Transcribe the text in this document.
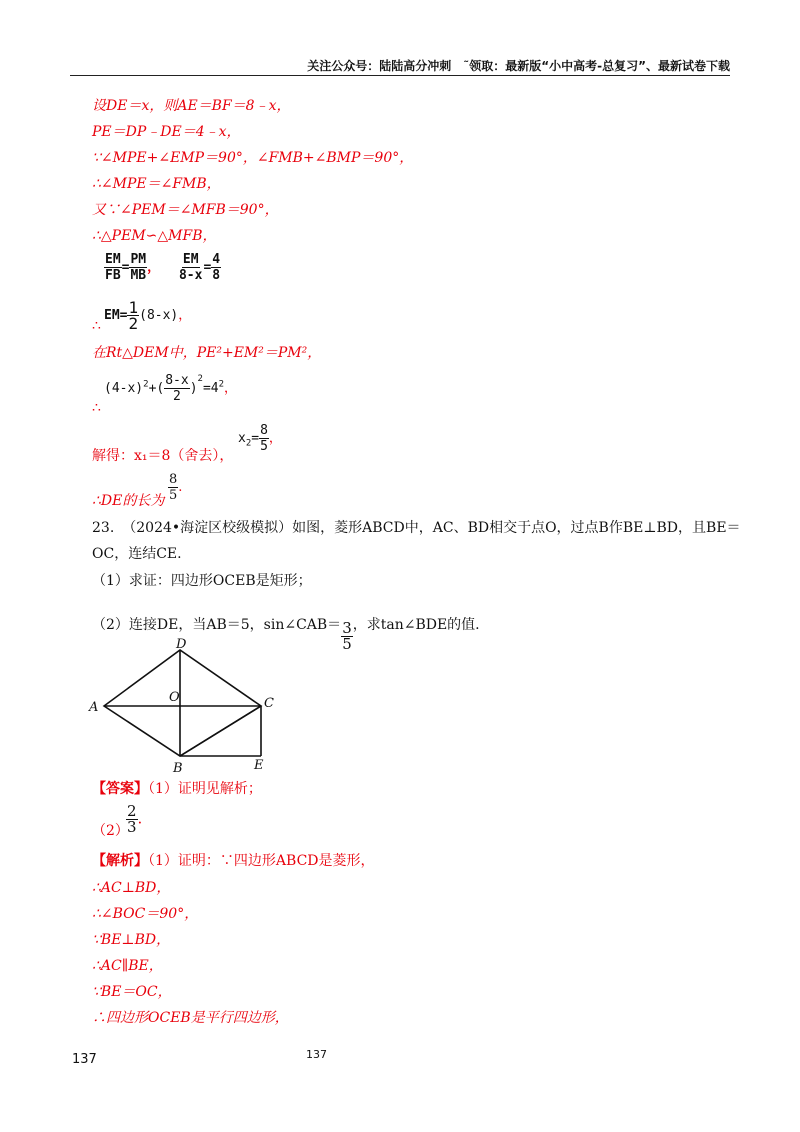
关注公众号：陆陆高分冲刺　˜领取：最新版“小中高考-总复习”、最新试卷下载
设DE＝x，则AE＝BF＝8﹣x，
PE＝DP﹣DE＝4﹣x，
∵∠MPE+∠EMP＝90°，∠FMB+∠BMP＝90°，
∴∠MPE＝∠FMB，
又∵∠PEM＝∠MFB＝90°，
∴△PEM∽△MFB，
$\frac{EM}{FB} = \frac{PM}{MB}$ ， $\frac{EM}{8-x} = \frac{4}{8}$
∴
$EM= \frac{1}{2} (8-x)$，
在Rt△DEM中，PE²+EM²＝PM²，
∴
$(4-x)^2+( \frac{8-x}{2} )^2=4^2$，
解得：x₁＝8（舍去），
$x_2= \frac{8}{5}$ ，
∴DE的长为 $\frac{8}{5}$ .
23. （2024•海淀区校级模拟）如图，菱形ABCD中，AC、BD相交于点O，过点B作BE⊥BD，且BE＝
OC，连结CE.
（1）求证：四边形OCEB是矩形；
（2）连接DE，当AB＝5，sin∠CAB＝ $\frac{3}{5}$ ，求tan∠BDE的值.
A
D
O	C
B	E
【答案】（1）证明见解析；
（2）
$\frac{2}{3}$ .
【解析】（1）证明：∵四边形ABCD是菱形，
∴AC⊥BD，
∴∠BOC＝90°，
∵BE⊥BD，
∴AC∥BE，
∵BE＝OC，
∴四边形OCEB是平行四边形，
137	137
